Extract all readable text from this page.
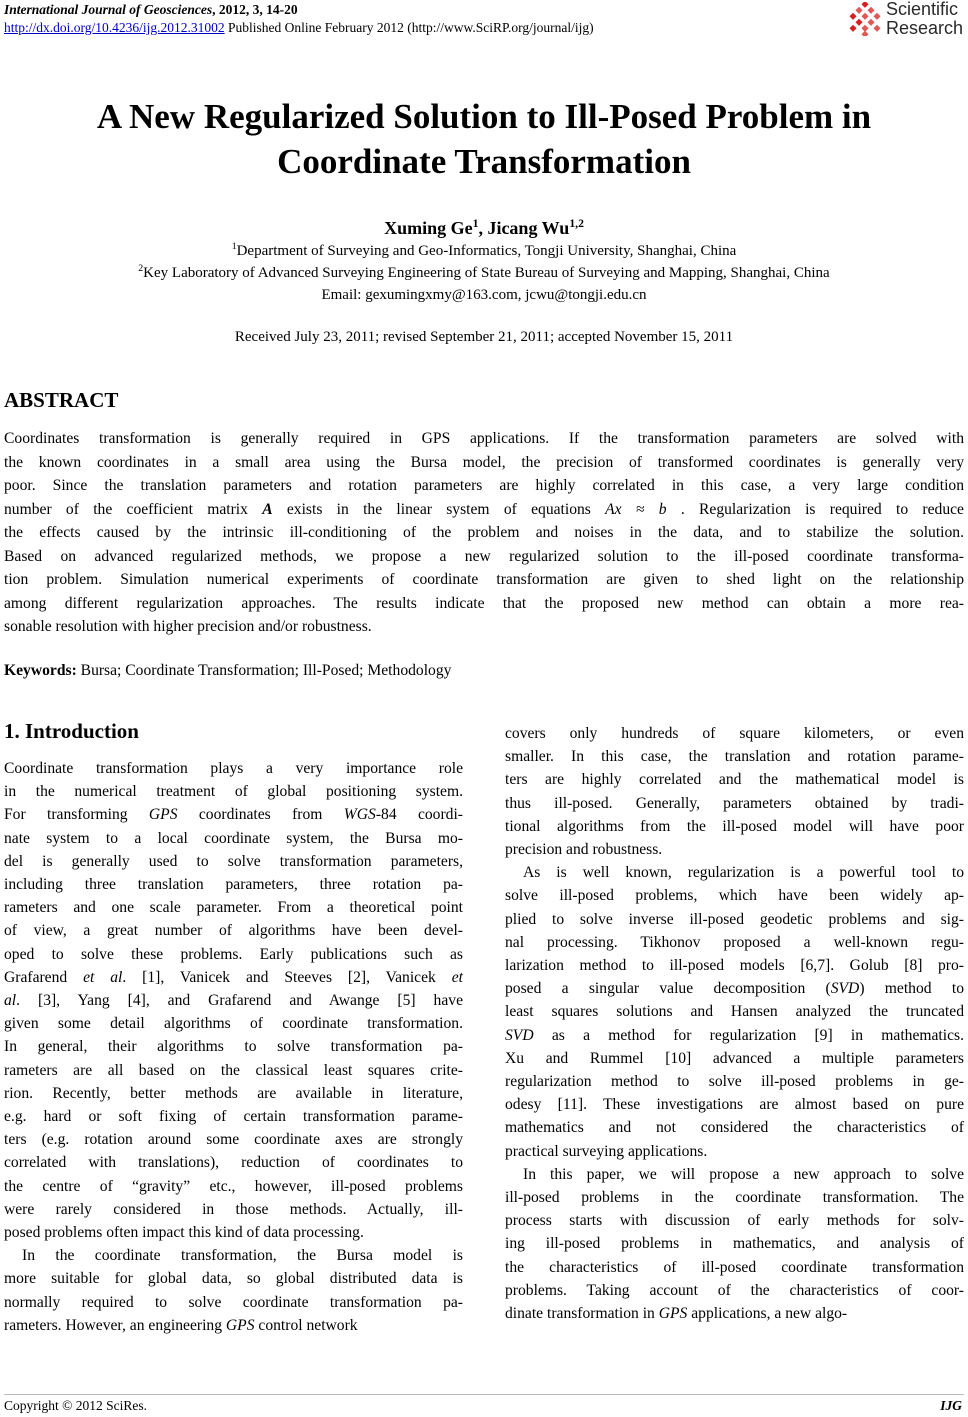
International Journal of Geosciences, 2012, 3, 14-20
http://dx.doi.org/10.4236/ijg.2012.31002 Published Online February 2012 (http://www.SciRP.org/journal/ijg)
Scientific
Research
A New Regularized Solution to Ill-Posed Problem in
Coordinate Transformation
Xuming Ge$^1$, Jicang Wu$^{1,2}$
$^1$Department of Surveying and Geo-Informatics, Tongji University, Shanghai, China
$^2$Key Laboratory of Advanced Surveying Engineering of State Bureau of Surveying and Mapping, Shanghai, China
Email: gexumingxmy@163.com, jcwu@tongji.edu.cn
Received July 23, 2011; revised September 21, 2011; accepted November 15, 2011
ABSTRACT

Coordinates transformation is generally required in GPS applications. If the transformation parameters are solved with

the known coordinates in a small area using the Bursa model, the precision of transformed coordinates is generally very

poor. Since the translation parameters and rotation parameters are highly correlated in this case, a very large condition

number of the coefficient matrix A exists in the linear system of equations Ax ≈ b . Regularization is required to reduce

the effects caused by the intrinsic ill-conditioning of the problem and noises in the data, and to stabilize the solution.

Based on advanced regularized methods, we propose a new regularized solution to the ill-posed coordinate transforma-

tion problem. Simulation numerical experiments of coordinate transformation are given to shed light on the relationship

among different regularization approaches. The results indicate that the proposed new method can obtain a more rea-

sonable resolution with higher precision and/or robustness.

Keywords: Bursa; Coordinate Transformation; Ill-Posed; Methodology
1. Introduction

Coordinate transformation plays a very importance role

in the numerical treatment of global positioning system.

For transforming GPS coordinates from WGS-84 coordi-

nate system to a local coordinate system, the Bursa mo-

del is generally used to solve transformation parameters,

including three translation parameters, three rotation pa-

rameters and one scale parameter. From a theoretical point

of view, a great number of algorithms have been devel-

oped to solve these problems. Early publications such as

Grafarend et al. [1], Vanicek and Steeves [2], Vanicek et

al. [3], Yang [4], and Grafarend and Awange [5] have

given some detail algorithms of coordinate transformation.

In general, their algorithms to solve transformation pa-

rameters are all based on the classical least squares crite-

rion. Recently, better methods are available in literature,

e.g. hard or soft fixing of certain transformation parame-

ters (e.g. rotation around some coordinate axes are strongly

correlated with translations), reduction of coordinates to

the centre of “gravity” etc., however, ill-posed problems

were rarely considered in those methods. Actually, ill-

posed problems often impact this kind of data processing.

In the coordinate transformation, the Bursa model is

more suitable for global data, so global distributed data is

normally required to solve coordinate transformation pa-

rameters. However, an engineering GPS control network

covers only hundreds of square kilometers, or even

smaller. In this case, the translation and rotation parame-

ters are highly correlated and the mathematical model is

thus ill-posed. Generally, parameters obtained by tradi-

tional algorithms from the ill-posed model will have poor

precision and robustness.

As is well known, regularization is a powerful tool to

solve ill-posed problems, which have been widely ap-

plied to solve inverse ill-posed geodetic problems and sig-

nal processing. Tikhonov proposed a well-known regu-

larization method to ill-posed models [6,7]. Golub [8] pro-

posed a singular value decomposition (SVD) method to

least squares solutions and Hansen analyzed the truncated

SVD as a method for regularization [9] in mathematics.

Xu and Rummel [10] advanced a multiple parameters

regularization method to solve ill-posed problems in ge-

odesy [11]. These investigations are almost based on pure

mathematics and not considered the characteristics of

practical surveying applications.

In this paper, we will propose a new approach to solve

ill-posed problems in the coordinate transformation. The

process starts with discussion of early methods for solv-

ing ill-posed problems in mathematics, and analysis of

the characteristics of ill-posed coordinate transformation

problems. Taking account of the characteristics of coor-

dinate transformation in GPS applications, a new algo-

Copyright © 2012 SciRes.	IJG
